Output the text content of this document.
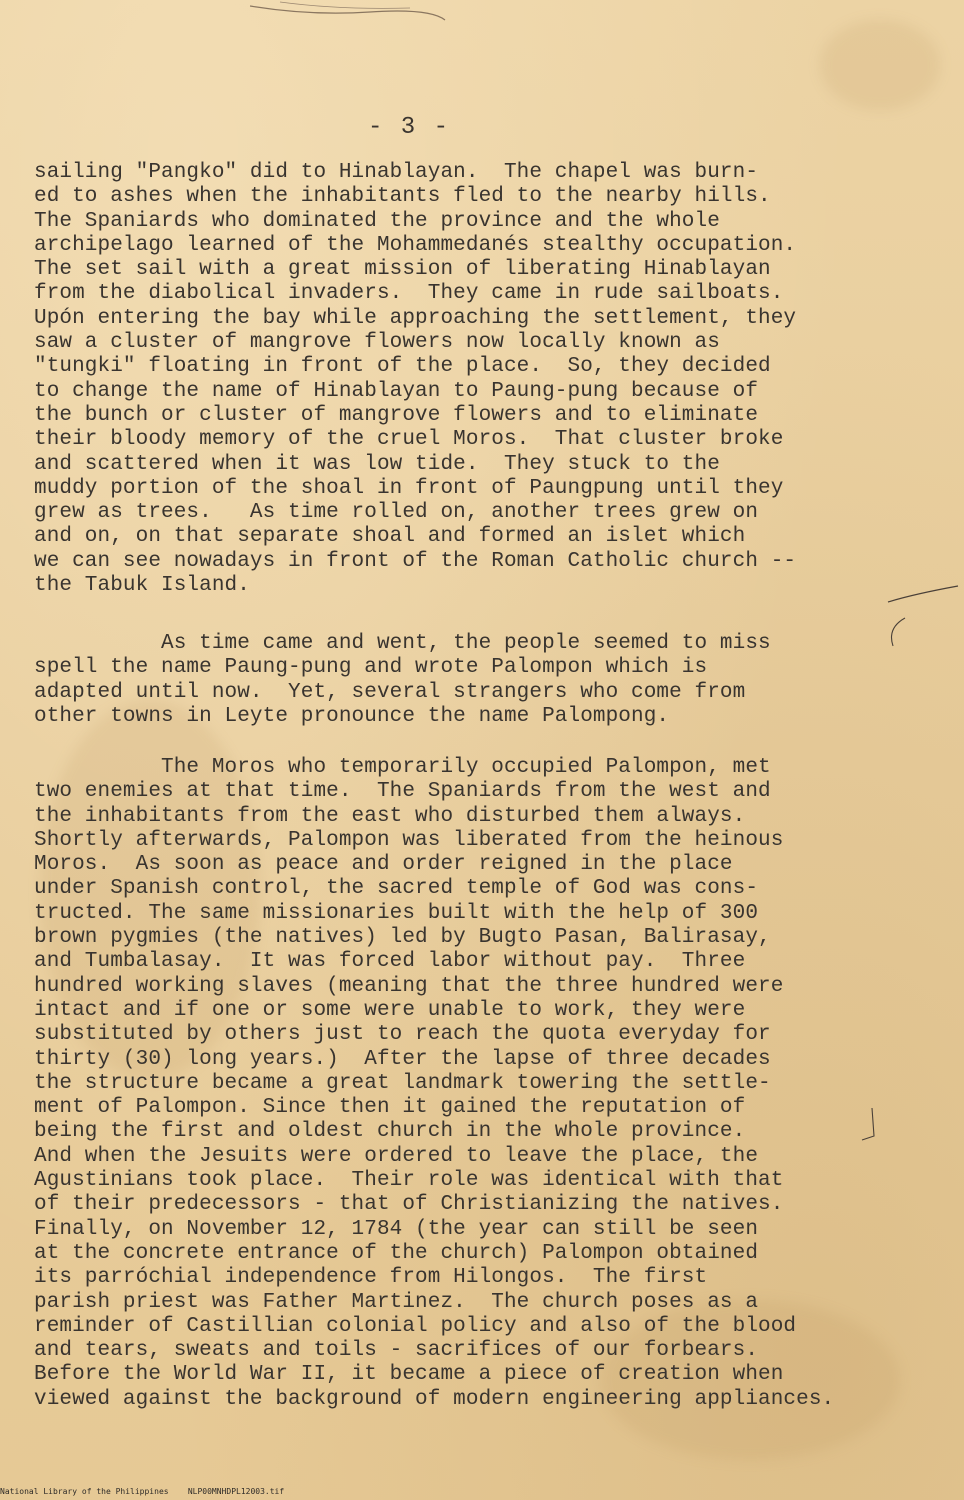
- 3 -
sailing "Pangko" did to Hinablayan.  The chapel was burn-
ed to ashes when the inhabitants fled to the nearby hills.
The Spaniards who dominated the province and the whole
archipelago learned of the Mohammedanés stealthy occupation.
The set sail with a great mission of liberating Hinablayan
from the diabolical invaders.  They came in rude sailboats.
Upón entering the bay while approaching the settlement, they
saw a cluster of mangrove flowers now locally known as
"tungki" floating in front of the place.  So, they decided
to change the name of Hinablayan to Paung-pung because of
the bunch or cluster of mangrove flowers and to eliminate
their bloody memory of the cruel Moros.  That cluster broke
and scattered when it was low tide.  They stuck to the
muddy portion of the shoal in front of Paungpung until they
grew as trees.   As time rolled on, another trees grew on
and on, on that separate shoal and formed an islet which
we can see nowadays in front of the Roman Catholic church --
the Tabuk Island.
As time came and went, the people seemed to miss
spell the name Paung-pung and wrote Palompon which is
adapted until now.  Yet, several strangers who come from
other towns in Leyte pronounce the name Palompong.
The Moros who temporarily occupied Palompon, met
two enemies at that time.  The Spaniards from the west and
the inhabitants from the east who disturbed them always.
Shortly afterwards, Palompon was liberated from the heinous
Moros.  As soon as peace and order reigned in the place
under Spanish control, the sacred temple of God was cons-
tructed. The same missionaries built with the help of 300
brown pygmies (the natives) led by Bugto Pasan, Balirasay,
and Tumbalasay.  It was forced labor without pay.  Three
hundred working slaves (meaning that the three hundred were
intact and if one or some were unable to work, they were
substituted by others just to reach the quota everyday for
thirty (30) long years.)  After the lapse of three decades
the structure became a great landmark towering the settle-
ment of Palompon. Since then it gained the reputation of
being the first and oldest church in the whole province.
And when the Jesuits were ordered to leave the place, the
Agustinians took place.  Their role was identical with that
of their predecessors - that of Christianizing the natives.
Finally, on November 12, 1784 (the year can still be seen
at the concrete entrance of the church) Palompon obtained
its parróchial independence from Hilongos.  The first
parish priest was Father Martinez.  The church poses as a
reminder of Castillian colonial policy and also of the blood
and tears, sweats and toils - sacrifices of our forbears.
Before the World War II, it became a piece of creation when
viewed against the background of modern engineering appliances.
National Library of the Philippines    NLP00MNHDPL12003.tif
